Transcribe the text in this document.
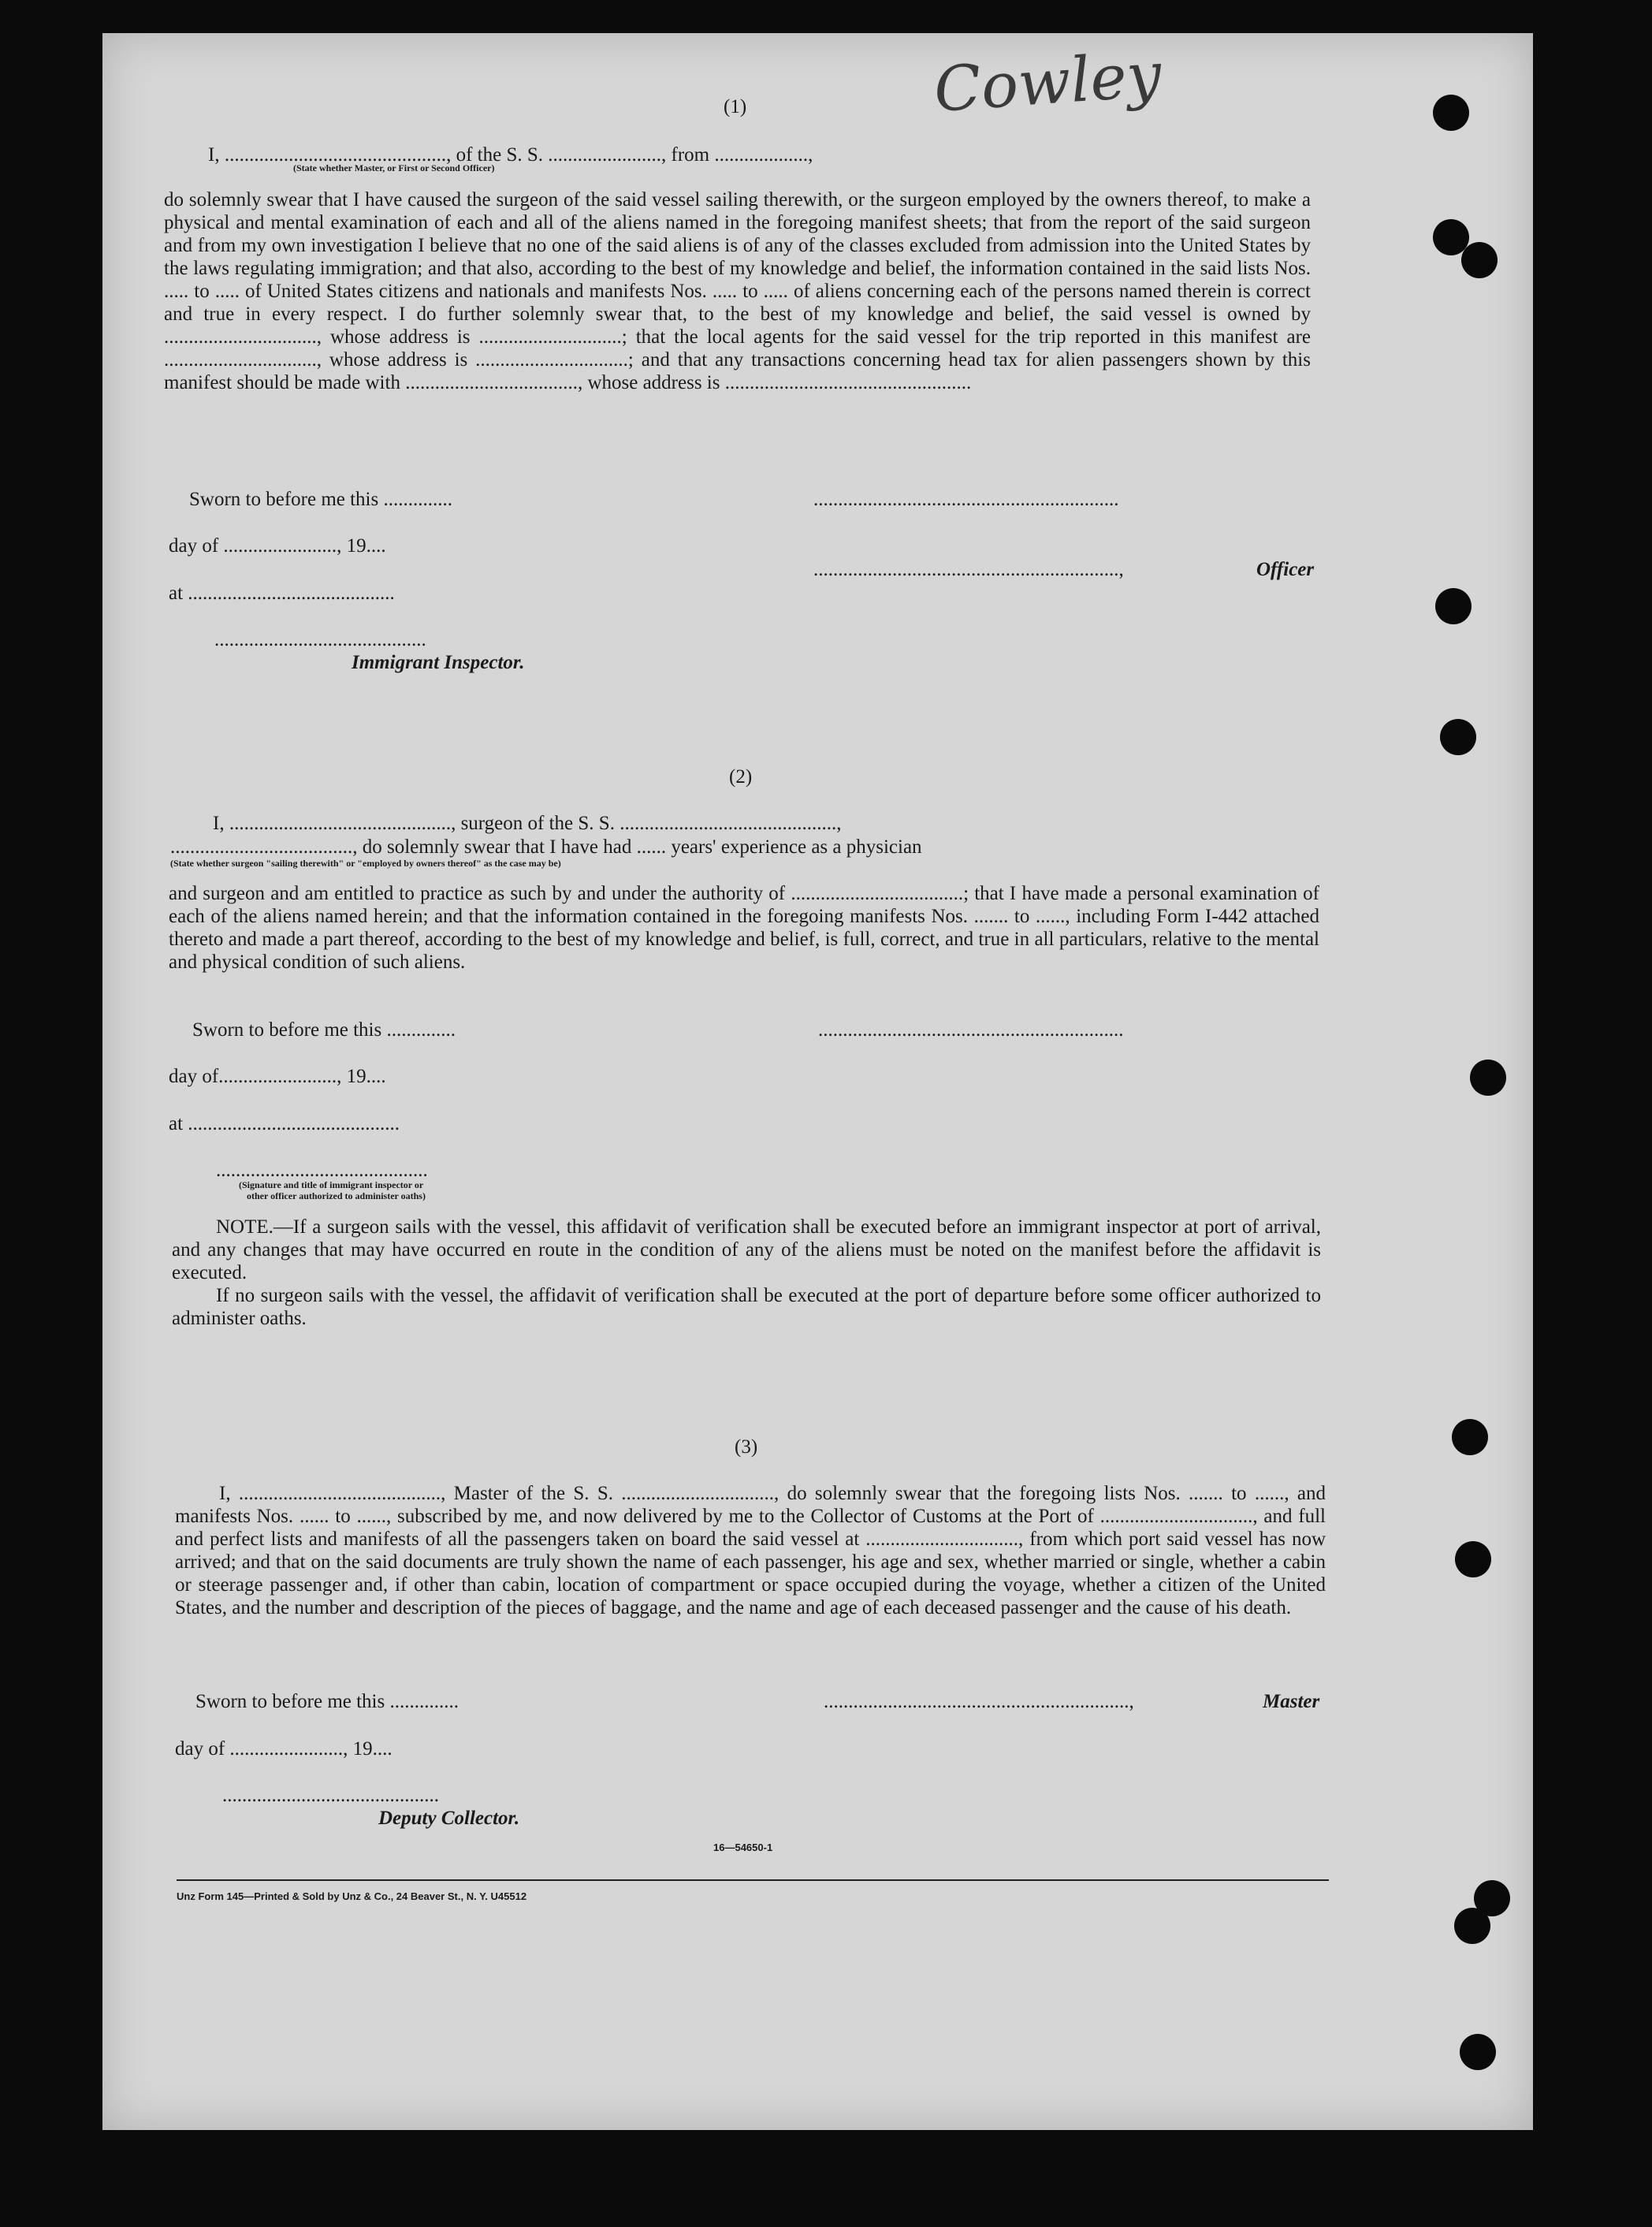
Cowley
(1)
I, ............................................., of the S. S. ......................., from ...................,
(State whether Master, or First or Second Officer)
do solemnly swear that I have caused the surgeon of the said vessel sailing therewith, or the surgeon employed by the owners thereof, to make a physical and mental examination of each and all of the aliens named in the foregoing manifest sheets; that from the report of the said surgeon and from my own investigation I believe that no one of the said aliens is of any of the classes excluded from admission into the United States by the laws regulating immigration; and that also, according to the best of my knowledge and belief, the information contained in the said lists Nos. ..... to ..... of United States citizens and nationals and manifests Nos. ..... to ..... of aliens concerning each of the persons named therein is correct and true in every respect. I do further solemnly swear that, to the best of my knowledge and belief, the said vessel is owned by ..............................., whose address is .............................; that the local agents for the said vessel for the trip reported in this manifest are ..............................., whose address is ...............................; and that any transactions concerning head tax for alien passengers shown by this manifest should be made with ..................................., whose address is ..................................................
Sworn to before me this ..............	..............................................................
day of ......................., 19....
..............................................................,	Officer
at ..........................................
...........................................
Immigrant Inspector.
(2)
I, ............................................., surgeon of the S. S. ............................................,
....................................., do solemnly swear that I have had ...... years' experience as a physician
(State whether surgeon "sailing therewith" or "employed by owners thereof" as the case may be)
and surgeon and am entitled to practice as such by and under the authority of ...................................; that I have made a personal examination of each of the aliens named herein; and that the information contained in the foregoing manifests Nos. ....... to ......, including Form I-442 attached thereto and made a part thereof, according to the best of my knowledge and belief, is full, correct, and true in all particulars, relative to the mental and physical condition of such aliens.
Sworn to before me this ..............	..............................................................
day of........................, 19....
at ...........................................
...........................................
(Signature and title of immigrant inspector or
other officer authorized to administer oaths)

NOTE.—If a surgeon sails with the vessel, this affidavit of verification shall be executed before an immigrant inspector at port of arrival, and any changes that may have occurred en route in the condition of any of the aliens must be noted on the manifest before the affidavit is executed.

If no surgeon sails with the vessel, the affidavit of verification shall be executed at the port of departure before some officer authorized to administer oaths.

(3)

I, ........................................., Master of the S. S. ..............................., do solemnly swear that the foregoing lists Nos. ....... to ......, and manifests Nos. ...... to ......, subscribed by me, and now delivered by me to the Collector of Customs at the Port of ..............................., and full and perfect lists and manifests of all the passengers taken on board the said vessel at ..............................., from which port said vessel has now arrived; and that on the said documents are truly shown the name of each passenger, his age and sex, whether married or single, whether a cabin or steerage passenger and, if other than cabin, location of compartment or space occupied during the voyage, whether a citizen of the United States, and the number and description of the pieces of baggage, and the name and age of each deceased passenger and the cause of his death.

Sworn to before me this ..............	..............................................................,	Master
day of ......................., 19....
............................................
Deputy Collector.
16—54650-1
Unz Form 145—Printed & Sold by Unz & Co., 24 Beaver St., N. Y. U45512
